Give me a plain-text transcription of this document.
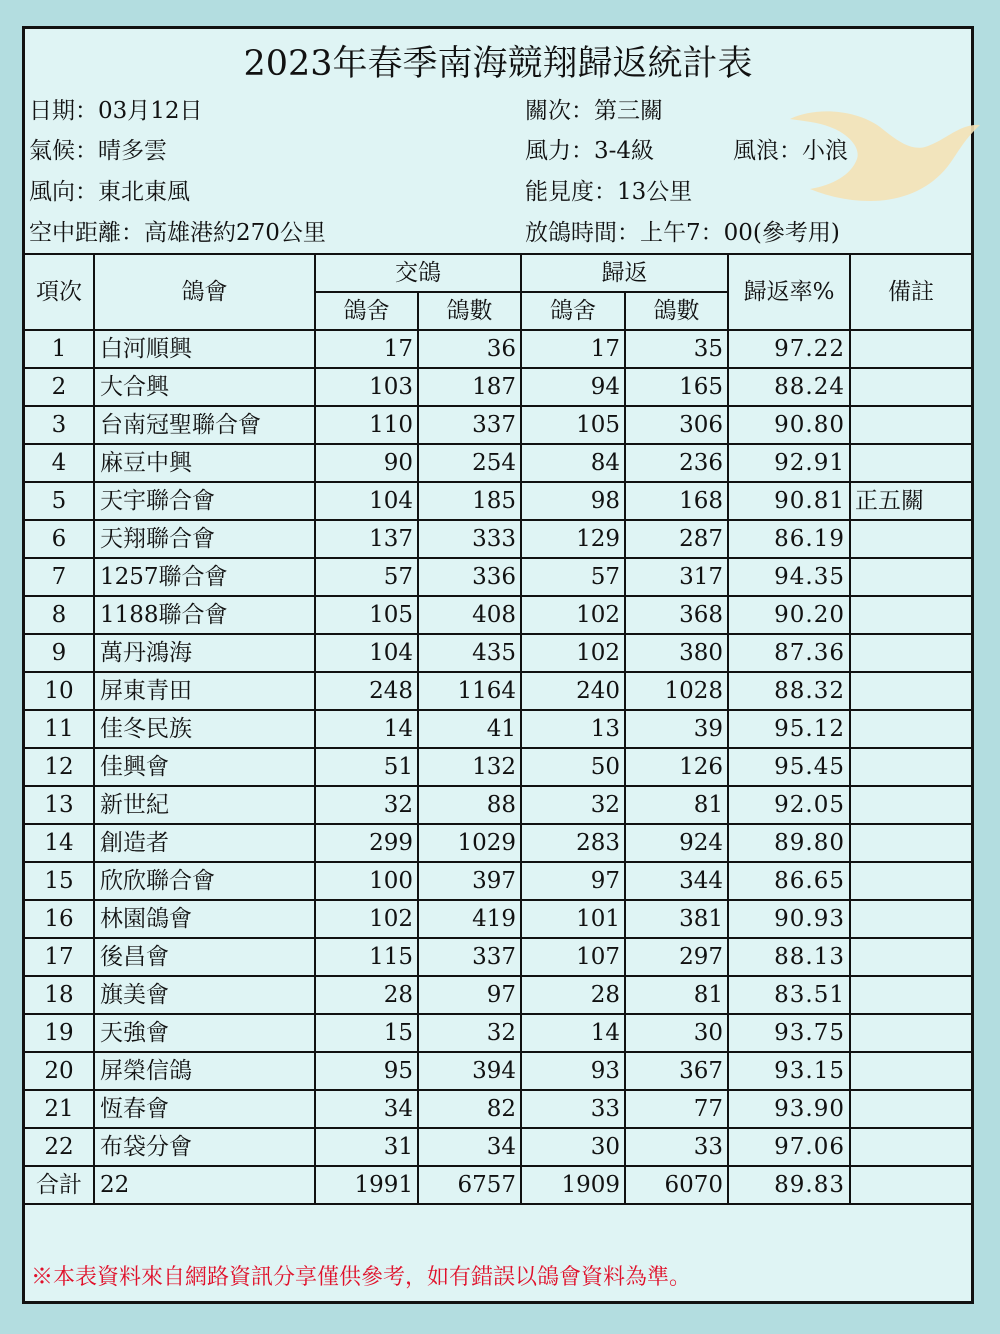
2023年春季南海競翔歸返統計表
日期：03月12日
氣候：晴多雲
風向：東北東風
空中距離：高雄港約270公里
關次：第三關
風力：3-4級	風浪：小浪
能見度：13公里
放鴿時間：上午7：00(參考用)
項次	鴿會	交鴿		歸返		歸返率%	備註
		鴿舍	鴿數	鴿舍	鴿數		
1	白河順興	17	36	17	35	97.22	
2	大合興	103	187	94	165	88.24	
3	台南冠聖聯合會	110	337	105	306	90.80	
4	麻豆中興	90	254	84	236	92.91	
5	天宇聯合會	104	185	98	168	90.81	正五關
6	天翔聯合會	137	333	129	287	86.19	
7	1257聯合會	57	336	57	317	94.35	
8	1188聯合會	105	408	102	368	90.20	
9	萬丹鴻海	104	435	102	380	87.36	
10	屏東青田	248	1164	240	1028	88.32	
11	佳冬民族	14	41	13	39	95.12	
12	佳興會	51	132	50	126	95.45	
13	新世紀	32	88	32	81	92.05	
14	創造者	299	1029	283	924	89.80	
15	欣欣聯合會	100	397	97	344	86.65	
16	林園鴿會	102	419	101	381	90.93	
17	後昌會	115	337	107	297	88.13	
18	旗美會	28	97	28	81	83.51	
19	天強會	15	32	14	30	93.75	
20	屏榮信鴿	95	394	93	367	93.15	
21	恆春會	34	82	33	77	93.90	
22	布袋分會	31	34	30	33	97.06	
合計	22	1991	6757	1909	6070	89.83	
※本表資料來自網路資訊分享僅供參考，如有錯誤以鴿會資料為準。
